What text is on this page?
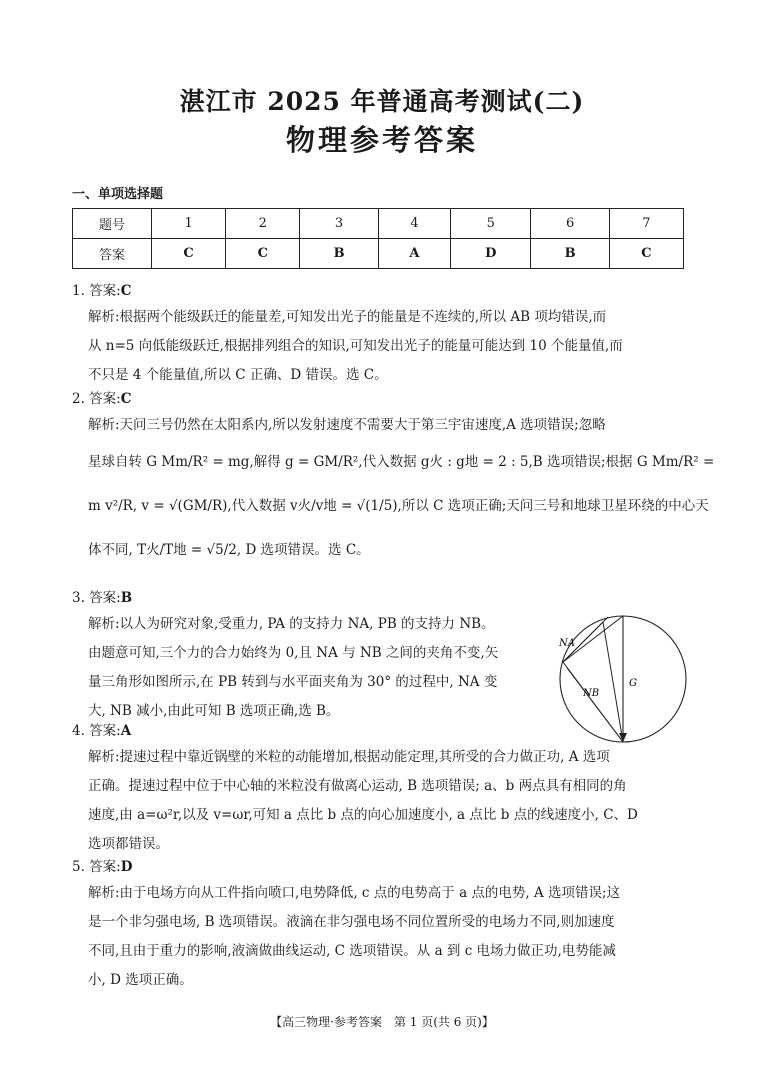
湛江市 2025 年普通高考测试(二)
物理参考答案
一、单项选择题
题号	1	2	3	4	5	6	7
答案	C	C	B	A	D	B	C
1. 答案:C
解析:根据两个能级跃迁的能量差,可知发出光子的能量是不连续的,所以 AB 项均错误,而
从 n=5 向低能级跃迁,根据排列组合的知识,可知发出光子的能量可能达到 10 个能量值,而
不只是 4 个能量值,所以 C 正确、D 错误。选 C。
2. 答案:C
解析:天问三号仍然在太阳系内,所以发射速度不需要大于第三宇宙速度,A 选项错误;忽略
星球自转 G Mm/R² = mg,解得 g = GM/R²,代入数据 g火 : g地 = 2 : 5,B 选项错误;根据 G Mm/R² =
m v²/R, v = √(GM/R),代入数据 v火/v地 = √(1/5),所以 C 选项正确;天问三号和地球卫星环绕的中心天
体不同, T火/T地 = √5/2, D 选项错误。选 C。
3. 答案:B
解析:以人为研究对象,受重力, PA 的支持力 NA, PB 的支持力 NB。
由题意可知,三个力的合力始终为 0,且 NA 与 NB 之间的夹角不变,矢
量三角形如图所示,在 PB 转到与水平面夹角为 30° 的过程中, NA 变
大, NB 减小,由此可知 B 选项正确,选 B。
NA
NB
G
4. 答案:A
解析:提速过程中靠近锅壁的米粒的动能增加,根据动能定理,其所受的合力做正功, A 选项
正确。提速过程中位于中心轴的米粒没有做离心运动, B 选项错误; a、b 两点具有相同的角
速度,由 a=ω²r,以及 v=ωr,可知 a 点比 b 点的向心加速度小, a 点比 b 点的线速度小, C、D
选项都错误。
5. 答案:D
解析:由于电场方向从工件指向喷口,电势降低, c 点的电势高于 a 点的电势, A 选项错误;这
是一个非匀强电场, B 选项错误。液滴在非匀强电场不同位置所受的电场力不同,则加速度
不同,且由于重力的影响,液滴做曲线运动, C 选项错误。从 a 到 c 电场力做正功,电势能减
小, D 选项正确。
【高三物理·参考答案　第 1 页(共 6 页)】
